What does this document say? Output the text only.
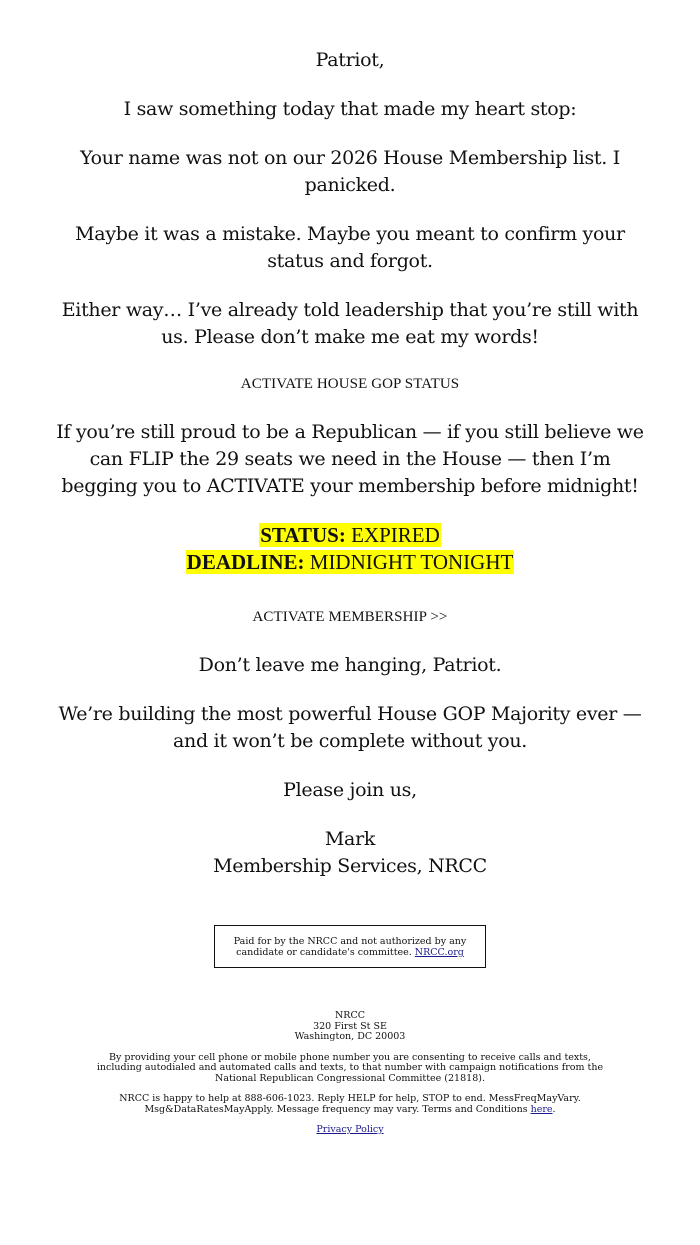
Patriot,

I saw something today that made my heart stop:

Your name was not on our 2026 House Membership list. I panicked.

Maybe it was a mistake. Maybe you meant to confirm your status and forgot.

Either way… I’ve already told leadership that you’re still with us. Please don’t make me eat my words!

ACTIVATE HOUSE GOP STATUS

If you’re still proud to be a Republican — if you still believe we can FLIP the 29 seats we need in the House — then I’m begging you to ACTIVATE your membership before midnight!

STATUS: EXPIRED
DEADLINE: MIDNIGHT TONIGHT
ACTIVATE MEMBERSHIP >>

Don’t leave me hanging, Patriot.

We’re building the most powerful House GOP Majority ever — and it won’t be complete without you.

Please join us,

Mark
Membership Services, NRCC

Paid for by the NRCC and not authorized by any candidate or candidate's committee. NRCC.org

NRCC
320 First St SE
Washington, DC 20003

By providing your cell phone or mobile phone number you are consenting to receive calls and texts, including autodialed and automated calls and texts, to that number with campaign notifications from the National Republican Congressional Committee (21818).

NRCC is happy to help at 888-606-1023. Reply HELP for help, STOP to end. MessFreqMayVary. Msg&DataRatesMayApply. Message frequency may vary. Terms and Conditions here.

Privacy Policy
